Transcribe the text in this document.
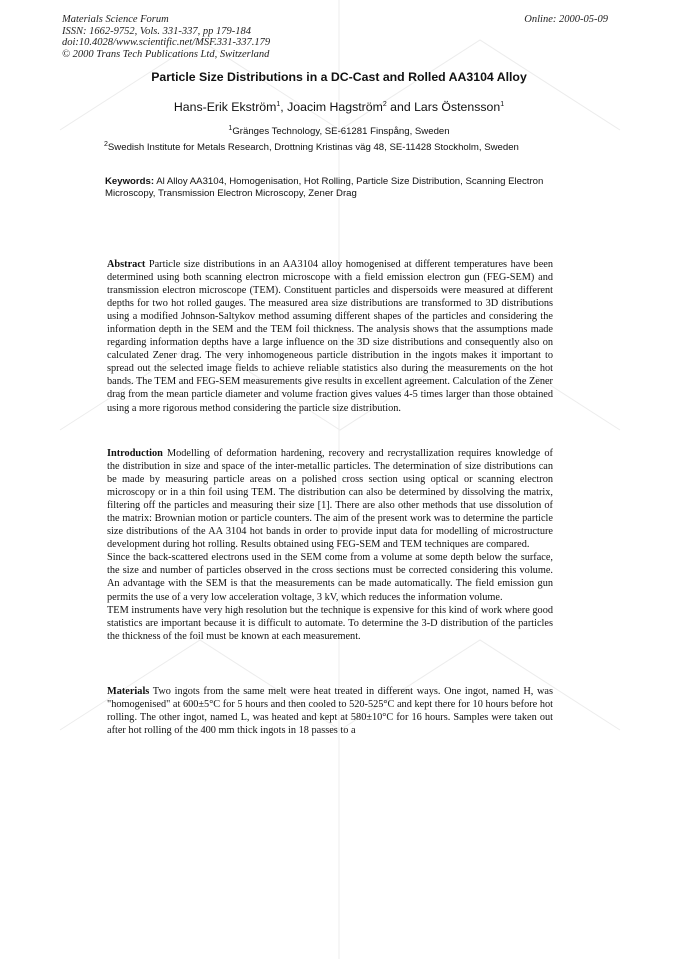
Materials Science Forum
ISSN: 1662-9752, Vols. 331-337, pp 179-184
doi:10.4028/www.scientific.net/MSF.331-337.179
© 2000 Trans Tech Publications Ltd, Switzerland
Online: 2000-05-09
Particle Size Distributions in a DC-Cast and Rolled AA3104 Alloy
Hans-Erik Ekström$^1$, Joacim Hagström$^2$ and Lars Östensson$^1$
$^1$Gränges Technology, SE-61281 Finspång, Sweden
$^2$Swedish Institute for Metals Research, Drottning Kristinas väg 48, SE-11428 Stockholm, Sweden
Keywords: Al Alloy AA3104, Homogenisation, Hot Rolling, Particle Size Distribution, Scanning Electron Microscopy, Transmission Electron Microscopy, Zener Drag

Abstract Particle size distributions in an AA3104 alloy homogenised at different temperatures have been determined using both scanning electron microscope with a field emission electron gun (FEG-SEM) and transmission electron microscope (TEM). Constituent particles and dispersoids were measured at different depths for two hot rolled gauges. The measured area size distributions are transformed to 3D distributions using a modified Johnson-Saltykov method assuming different shapes of the particles and considering the information depth in the SEM and the TEM foil thickness. The analysis shows that the assumptions made regarding information depths have a large influence on the 3D size distributions and consequently also on calculated Zener drag. The very inhomogeneous particle distribution in the ingots makes it important to spread out the selected image fields to achieve reliable statistics also during the measurements on the hot bands. The TEM and FEG-SEM measurements give results in excellent agreement. Calculation of the Zener drag from the mean particle diameter and volume fraction gives values 4-5 times larger than those obtained using a more rigorous method considering the particle size distribution.

Introduction Modelling of deformation hardening, recovery and recrystallization requires knowledge of the distribution in size and space of the inter-metallic particles. The determination of size distributions can be made by measuring particle areas on a polished cross section using optical or scanning electron microscopy or in a thin foil using TEM. The distribution can also be determined by dissolving the matrix, filtering off the particles and measuring their size [1]. There are also other methods that use dissolution of the matrix: Brownian motion or particle counters. The aim of the present work was to determine the particle size distributions of the AA 3104 hot bands in order to provide input data for modelling of microstructure development during hot rolling. Results obtained using FEG-SEM and TEM techniques are compared.

Since the back-scattered electrons used in the SEM come from a volume at some depth below the surface, the size and number of particles observed in the cross sections must be corrected considering this volume. An advantage with the SEM is that the measurements can be made automatically. The field emission gun permits the use of a very low acceleration voltage, 3 kV, which reduces the information volume.

TEM instruments have very high resolution but the technique is expensive for this kind of work where good statistics are important because it is difficult to automate. To determine the 3-D distribution of the particles the thickness of the foil must be known at each measurement.

Materials Two ingots from the same melt were heat treated in different ways. One ingot, named H, was "homogenised" at 600±5°C for 5 hours and then cooled to 520-525°C and kept there for 10 hours before hot rolling. The other ingot, named L, was heated and kept at 580±10°C for 16 hours. Samples were taken out after hot rolling of the 400 mm thick ingots in 18 passes to a
